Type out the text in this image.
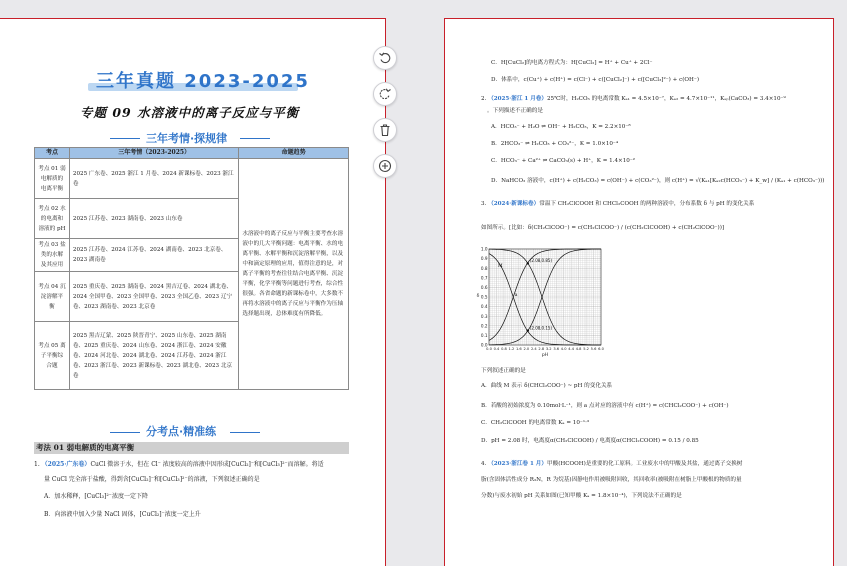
三年真题 2023-2025
专题 09 水溶液中的离子反应与平衡
三年考情·探规律
考点	三年考情（2023-2025）	命题趋势
考点 01 弱电解质的电离平衡	2025 广东卷、2025 浙江 1 月卷、2024 新课标卷、2023 浙江卷	水溶液中的离子反应与平衡主要考查水溶液中的几大平衡问题：电离平衡、水的电离平衡、水解平衡和沉淀溶解平衡，以及中和滴定原理的应用，值得注意的是，对离子平衡的考查往往结合电离平衡、沉淀平衡，化学平衡等问题进行考查，综合性很强。各省命题的新课标卷中，大多数不再将水溶液中的离子反应与平衡作为压轴选择题出现，总体难度有所降低。
考点 02 水的电离和溶液的 pH	2025 江苏卷、2023 湖南卷、2023 山东卷	
考点 03 盐类的水解及其应用	2025 江苏卷、2024 江苏卷、2024 湖南卷、2023 北京卷、2023 湖南卷	
考点 04 沉淀溶解平衡	2025 重庆卷、2025 湖南卷、2024 黑吉辽卷、2024 湖北卷、2024 全国甲卷、2023 全国甲卷、2023 全国乙卷、2023 辽宁卷、2023 湖南卷、2023 北京卷	
考点 05 离子平衡综合题	2025 黑吉辽蒙、2025 陕晋青宁、2025 山东卷、2025 湖南卷、2025 重庆卷、2024 山东卷、2024 浙江卷、2024 安徽卷、2024 河北卷、2024 湖北卷、2024 江苏卷、2024 浙江卷、2023 浙江卷、2023 新课标卷、2023 湖北卷、2023 北京卷	
分考点·精准练
考法 01 弱电解质的电离平衡
1. （2025·广东卷）CuCl 微溶于水，但在 Cl⁻ 浓度较高的溶液中因形成[CuCl₂]⁻和[CuCl₃]²⁻而溶解。将适
量 CuCl 完全溶于盐酸，得到含[CuCl₂]⁻和[CuCl₃]²⁻的溶液，下列叙述正确的是
A．加水稀释，[CuCl₃]²⁻浓度一定下降
B．向溶液中加入少量 NaCl 固体，[CuCl₂]⁻浓度一定上升
C．H[CuCl₂]的电离方程式为：H[CuCl₂] = H⁺ + Cu⁺ + 2Cl⁻
D．体系中，c(Cu⁺) + c(H⁺) = c(Cl⁻) + c([CuCl₂]⁻) + c([CuCl₃]²⁻) + c(OH⁻)
2. （2025·浙江 1 月卷）25℃时，H₂CO₃ 的电离常数 Kₐ₁ = 4.5×10⁻⁷，Kₐ₂ = 4.7×10⁻¹¹，Kₛₚ(CaCO₃) = 3.4×10⁻⁹
。下列描述不正确的是
A．HCO₃⁻ + H₂O ⇌ OH⁻ + H₂CO₃，K = 2.2×10⁻⁸
B．2HCO₃⁻ ⇌ H₂CO₃ + CO₃²⁻，K = 1.0×10⁻⁴
C．HCO₃⁻ + Ca²⁺ ⇌ CaCO₃(s) + H⁺，K = 1.4×10⁻²
D．NaHCO₃ 溶液中，c(H⁺) + c(H₂CO₃) = c(OH⁻) + c(CO₃²⁻)，则 c(H⁺) = √(Kₐ₁[Kₐ₂c(HCO₃⁻) + K_w] / (Kₐ₁ + c(HCO₃⁻)))
3. （2024·新课标卷）常温下 CH₂ClCOOH 和 CHCl₂COOH 的两种溶液中，分布系数 δ 与 pH 的变化关系
如图所示。[比如：δ(CH₂ClCOO⁻) = c(CH₂ClCOO⁻) / (c(CH₂ClCOOH) + c(CH₂ClCOO⁻))]
0.0
0.1
0.2
0.3
0.4
0.5
0.6
0.7
0.8
0.9
1.0
0.0 0.4 0.8 1.2 1.6 2.0 2.4 2.8 3.2 3.6 4.0 4.4 4.8 5.2 5.6 6.0
pH
δ
(2.08,0.85)
(2.08,0.15)
a
M
下列叙述正确的是
A．曲线 M 表示 δ(CHCl₂COO⁻) ~ pH 的变化关系
B．若酸的初始浓度为 0.10mol·L⁻¹，则 a 点对应的溶液中有 c(H⁺) = c(CHCl₂COO⁻) + c(OH⁻)
C．CH₂ClCOOH 的电离常数 Kₐ = 10⁻¹·³
D．pH = 2.08 时，电离度α(CH₂ClCOOH) / 电离度α(CHCl₂COOH) = 0.15 / 0.85
4. （2023·浙江卷 1 月）甲酸(HCOOH)是重要的化工原料。工业废水中的甲酸及其盐，通过离子交换树
脂(含固体活性成分 R₃N，R 为烷基)因静电作用被吸附回收，其回收率(被吸附在树脂上甲酸根的物质的量
分数)与废水初始 pH 关系如图(已知甲酸 Kₐ = 1.8×10⁻⁴)，下列说法不正确的是
